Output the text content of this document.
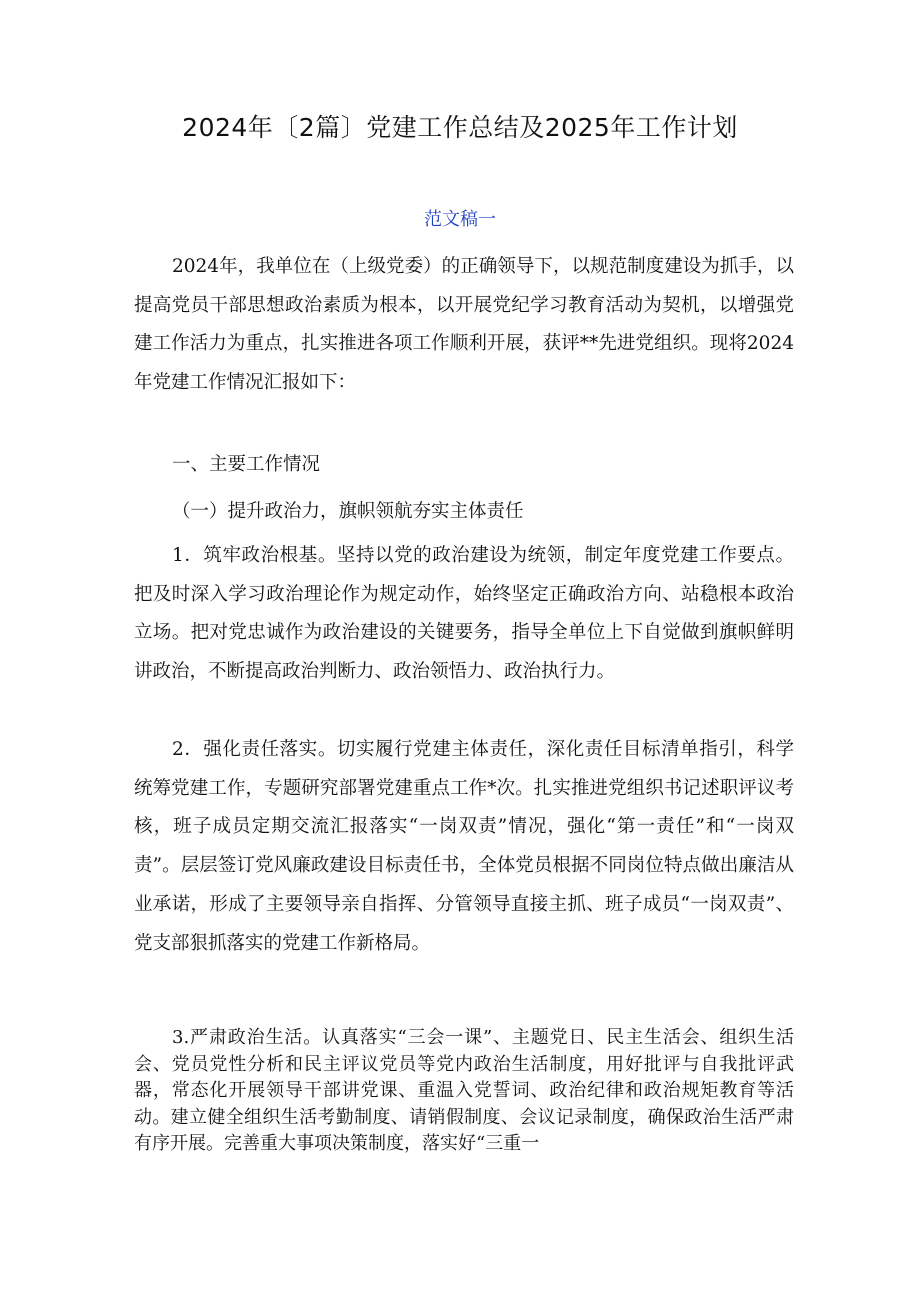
2024年〔2篇〕党建工作总结及2025年工作计划
范文稿一

2024年，我单位在（上级党委）的正确领导下，以规范制度建设为抓手，以提高党员干部思想政治素质为根本，以开展党纪学习教育活动为契机，以增强党建工作活力为重点，扎实推进各项工作顺利开展，获评**先进党组织。现将2024年党建工作情况汇报如下：

一、主要工作情况

（一）提升政治力，旗帜领航夯实主体责任

1．筑牢政治根基。坚持以党的政治建设为统领，制定年度党建工作要点。把及时深入学习政治理论作为规定动作，始终坚定正确政治方向、站稳根本政治立场。把对党忠诚作为政治建设的关键要务，指导全单位上下自觉做到旗帜鲜明讲政治，不断提高政治判断力、政治领悟力、政治执行力。

2．强化责任落实。切实履行党建主体责任，深化责任目标清单指引，科学统筹党建工作，专题研究部署党建重点工作*次。扎实推进党组织书记述职评议考核，班子成员定期交流汇报落实“一岗双责”情况，强化“第一责任”和“一岗双责”。层层签订党风廉政建设目标责任书，全体党员根据不同岗位特点做出廉洁从业承诺，形成了主要领导亲自指挥、分管领导直接主抓、班子成员“一岗双责”、党支部狠抓落实的党建工作新格局。

3.严肃政治生活。认真落实“三会一课”、主题党日、民主生活会、组织生活会、党员党性分析和民主评议党员等党内政治生活制度，用好批评与自我批评武器，常态化开展领导干部讲党课、重温入党誓词、政治纪律和政治规矩教育等活动。建立健全组织生活考勤制度、请销假制度、会议记录制度，确保政治生活严肃有序开展。完善重大事项决策制度，落实好“三重一
